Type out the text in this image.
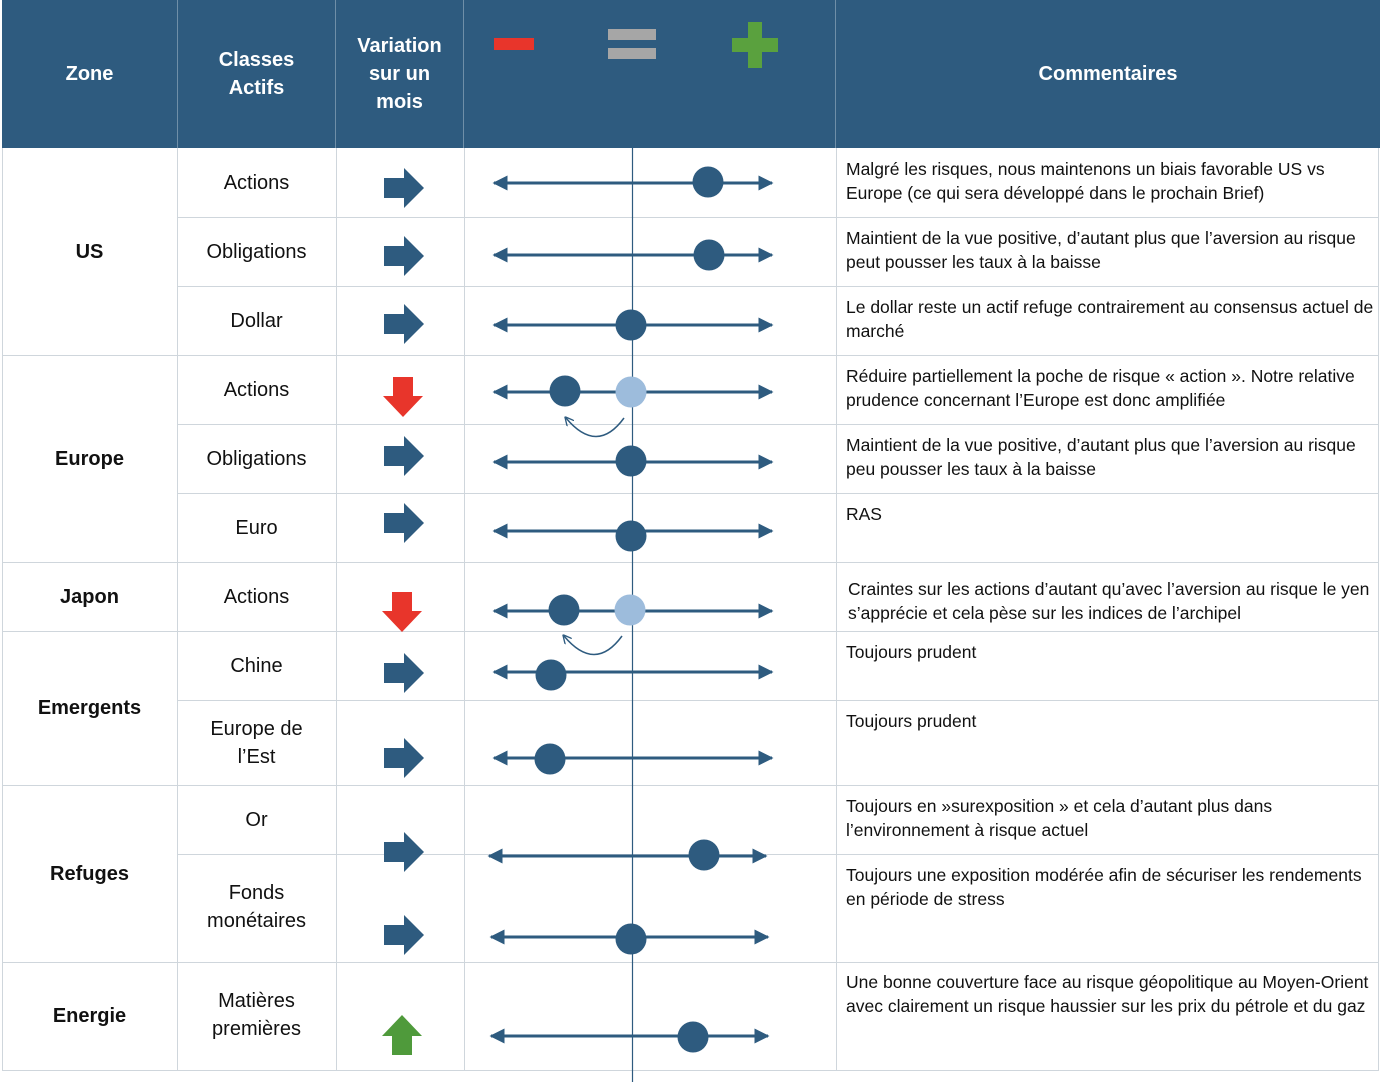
Zone
Classes
Actifs
Variation
sur un
mois
Commentaires
US
Europe
Japon
Emergents
Refuges
Energie
Actions
Obligations
Dollar
Actions
Obligations
Euro
Actions
Chine
Europe de
l’Est
Or
Fonds
monétaires
Matières
premières
Malgré les risques, nous maintenons un biais favorable US vs Europe (ce qui sera développé dans le prochain Brief)
Maintient de la vue positive, d’autant plus que l’aversion au risque peut pousser les taux à la baisse
Le dollar reste un actif refuge contrairement au consensus actuel de marché
Réduire partiellement la poche de risque « action ». Notre relative prudence concernant l’Europe est donc amplifiée
Maintient de la vue positive, d’autant plus que l’aversion au risque peu pousser les taux à la baisse
RAS
Craintes sur les actions d’autant qu’avec l’aversion au risque le yen s’apprécie et cela pèse sur les indices de l’archipel
Toujours prudent
Toujours prudent
Toujours en »surexposition » et cela d’autant plus dans l’environnement à risque actuel
Toujours une exposition modérée afin de sécuriser les rendements en période de stress
Une bonne couverture face au risque géopolitique au Moyen-Orient avec clairement un risque haussier sur les prix du pétrole et du gaz
